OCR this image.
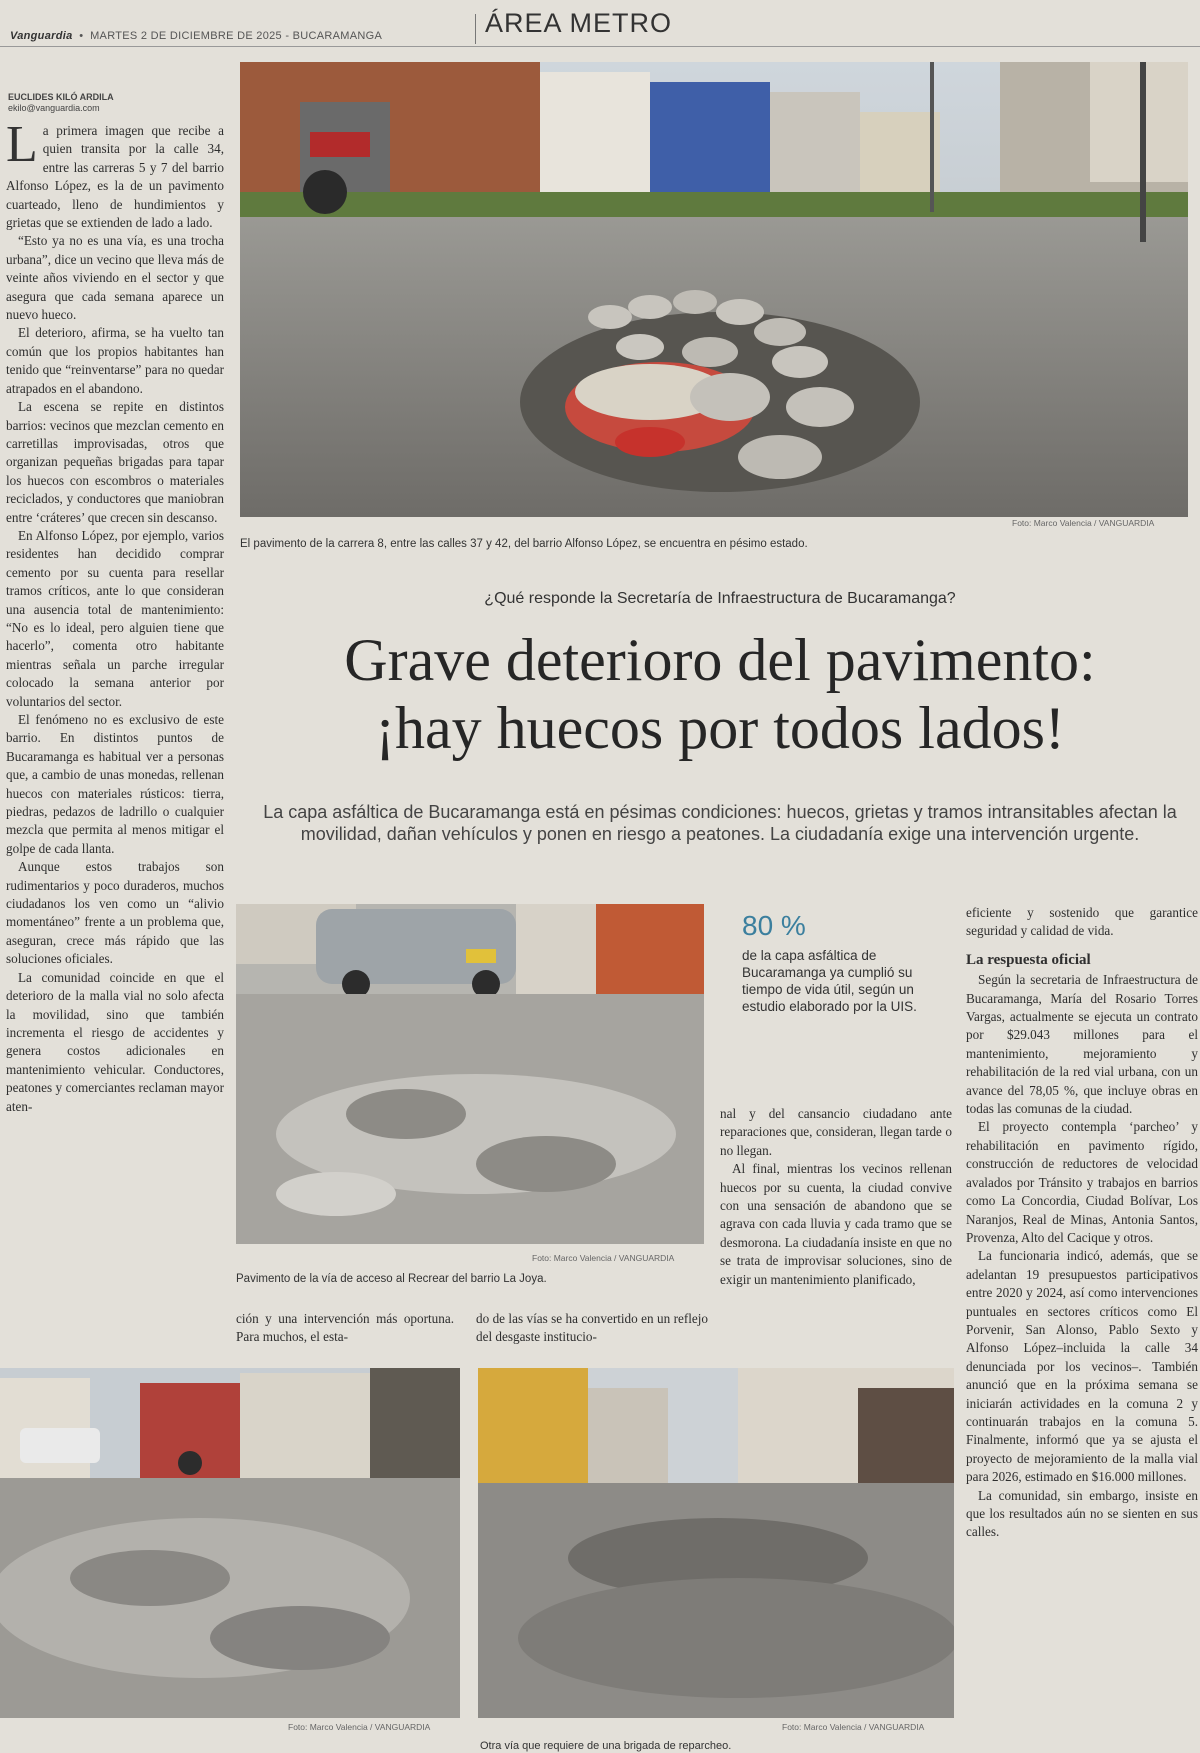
Vanguardia  •  MARTES 2 DE DICIEMBRE DE 2025 - BUCARAMANGA	ÁREA METRO
EUCLIDES KILÓ ARDILA
ekilo@vanguardia.com

La primera imagen que recibe a quien transita por la calle 34, entre las carreras 5 y 7 del barrio Alfonso López, es la de un pavimento cuarteado, lleno de hundimientos y grietas que se extienden de lado a lado.

“Esto ya no es una vía, es una trocha urbana”, dice un vecino que lleva más de veinte años viviendo en el sector y que asegura que cada semana aparece un nuevo hueco.

El deterioro, afirma, se ha vuelto tan común que los propios habitantes han tenido que “reinventarse” para no quedar atrapados en el abandono.

La escena se repite en distintos barrios: vecinos que mezclan cemento en carretillas improvisadas, otros que organizan pequeñas brigadas para tapar los huecos con escombros o materiales reciclados, y conductores que maniobran entre ‘cráteres’ que crecen sin descanso.

En Alfonso López, por ejemplo, varios residentes han decidido comprar cemento por su cuenta para resellar tramos críticos, ante lo que consideran una ausencia total de mantenimiento: “No es lo ideal, pero alguien tiene que hacerlo”, comenta otro habitante mientras señala un parche irregular colocado la semana anterior por voluntarios del sector.

El fenómeno no es exclusivo de este barrio. En distintos puntos de Bucaramanga es habitual ver a personas que, a cambio de unas monedas, rellenan huecos con materiales rústicos: tierra, piedras, pedazos de ladrillo o cualquier mezcla que permita al menos mitigar el golpe de cada llanta.

Aunque estos trabajos son rudimentarios y poco duraderos, muchos ciudadanos los ven como un “alivio momentáneo” frente a un problema que, aseguran, crece más rápido que las soluciones oficiales.

La comunidad coincide en que el deterioro de la malla vial no solo afecta la movilidad, sino que también incrementa el riesgo de accidentes y genera costos adicionales en mantenimiento vehicular. Conductores, peatones y comerciantes reclaman mayor aten-

Foto: Marco Valencia / VANGUARDIA
El pavimento de la carrera 8, entre las calles 37 y 42, del barrio Alfonso López, se encuentra en pésimo estado.
¿Qué responde la Secretaría de Infraestructura de Bucaramanga?
Grave deterioro del pavimento:
¡hay huecos por todos lados!
La capa asfáltica de Bucaramanga está en pésimas condiciones: huecos, grietas y tramos intransitables afectan la movilidad, dañan vehículos y ponen en riesgo a peatones. La ciudadanía exige una intervención urgente.
Foto: Marco Valencia / VANGUARDIA
Pavimento de la vía de acceso al Recrear del barrio La Joya.
80 %
de la capa asfáltica de Bucaramanga ya cumplió su tiempo de vida útil, según un estudio elaborado por la UIS.

ción y una intervención más oportuna. Para muchos, el esta-

nal y del cansancio ciudadano ante reparaciones que, consideran, llegan tarde o no llegan.

Al final, mientras los vecinos rellenan huecos por su cuenta, la ciudad convive con una sensación de abandono que se agrava con cada lluvia y cada tramo que se desmorona. La ciudadanía insiste en que no se trata de improvisar soluciones, sino de exigir un mantenimiento planificado,

do de las vías se ha convertido en un reflejo del desgaste institucio-

eficiente y sostenido que garantice seguridad y calidad de vida.

La respuesta oficial

Según la secretaria de Infraestructura de Bucaramanga, María del Rosario Torres Vargas, actualmente se ejecuta un contrato por $29.043 millones para el mantenimiento, mejoramiento y rehabilitación de la red vial urbana, con un avance del 78,05 %, que incluye obras en todas las comunas de la ciudad.

El proyecto contempla ‘parcheo’ y rehabilitación en pavimento rígido, construcción de reductores de velocidad avalados por Tránsito y trabajos en barrios como La Concordia, Ciudad Bolívar, Los Naranjos, Real de Minas, Antonia Santos, Provenza, Alto del Cacique y otros.

La funcionaria indicó, además, que se adelantan 19 presupuestos participativos entre 2020 y 2024, así como intervenciones puntuales en sectores críticos como El Porvenir, San Alonso, Pablo Sexto y Alfonso López–incluida la calle 34 denunciada por los vecinos–. También anunció que en la próxima semana se iniciarán actividades en la comuna 2 y continuarán trabajos en la comuna 5. Finalmente, informó que ya se ajusta el proyecto de mejoramiento de la malla vial para 2026, estimado en $16.000 millones.

La comunidad, sin embargo, insiste en que los resultados aún no se sienten en sus calles.

Foto: Marco Valencia / VANGUARDIA	Foto: Marco Valencia / VANGUARDIA
Otra vía que requiere de una brigada de reparcheo.
